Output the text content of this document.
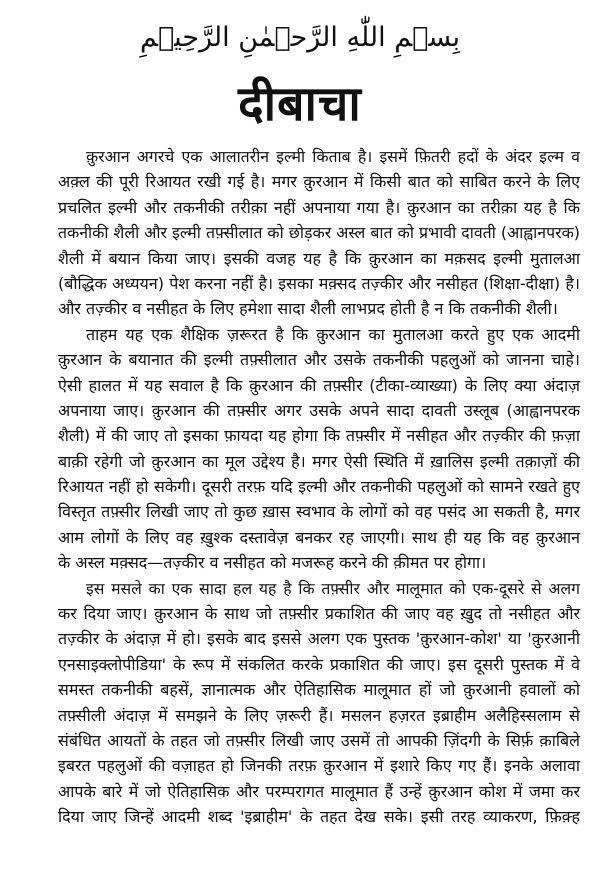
بِسۡمِ اللّٰهِ الرَّحۡمٰنِ الرَّحِيۡمِ
दीबाचा
क़ुरआन अगरचे एक आलातरीन इल्मी किताब है। इसमें फ़ितरी हदों के अंदर इल्म व
अक़्ल की पूरी रिआयत रखी गई है। मगर क़ुरआन में किसी बात को साबित करने के लिए
प्रचलित इल्मी और तकनीकी तरीक़ा नहीं अपनाया गया है। क़ुरआन का तरीक़ा यह है कि
तकनीकी शैली और इल्मी तफ़्सीलात को छोड़कर अस्ल बात को प्रभावी दावती (आह्वानपरक)
शैली में बयान किया जाए। इसकी वजह यह है कि क़ुरआन का मक़सद इल्मी मुतालआ
(बौद्धिक अध्ययन) पेश करना नहीं है। इसका मक़्सद तज़्कीर और नसीहत (शिक्षा-दीक्षा) है।
और तज़्कीर व नसीहत के लिए हमेशा सादा शैली लाभप्रद होती है न कि तकनीकी शैली।
ताहम यह एक शैक्षिक ज़रूरत है कि क़ुरआन का मुतालआ करते हुए एक आदमी
क़ुरआन के बयानात की इल्मी तफ़्सीलात और उसके तकनीकी पहलुओं को जानना चाहे।
ऐसी हालत में यह सवाल है कि क़ुरआन की तफ़्सीर (टीका-व्याख्या) के लिए क्या अंदाज़
अपनाया जाए। क़ुरआन की तफ़्सीर अगर उसके अपने सादा दावती उस्लूब (आह्वानपरक
शैली) में की जाए तो इसका फ़ायदा यह होगा कि तफ़्सीर में नसीहत और तज़्कीर की फ़ज़ा
बाक़ी रहेगी जो क़ुरआन का मूल उद्देश्य है। मगर ऐसी स्थिति में ख़ालिस इल्मी तक़ाज़ों की
रिआयत नहीं हो सकेगी। दूसरी तरफ़ यदि इल्मी और तकनीकी पहलुओं को सामने रखते हुए
विस्तृत तफ़्सीर लिखी जाए तो कुछ ख़ास स्वभाव के लोगों को वह पसंद आ सकती है, मगर
आम लोगों के लिए वह ख़ुश्क दस्तावेज़ बनकर रह जाएगी। साथ ही यह कि वह क़ुरआन
के अस्ल मक़्सद—तज़्कीर व नसीहत को मजरूह करने की क़ीमत पर होगा।
इस मसले का एक सादा हल यह है कि तफ़्सीर और मालूमात को एक-दूसरे से अलग
कर दिया जाए। क़ुरआन के साथ जो तफ़्सीर प्रकाशित की जाए वह ख़ुद तो नसीहत और
तज़्कीर के अंदाज़ में हो। इसके बाद इससे अलग एक पुस्तक 'क़ुरआन-कोश' या 'क़ुरआनी
एनसाइक्लोपीडिया' के रूप में संकलित करके प्रकाशित की जाए। इस दूसरी पुस्तक में वे
समस्त तकनीकी बहसें, ज्ञानात्मक और ऐतिहासिक मालूमात हों जो क़ुरआनी हवालों को
तफ़्सीली अंदाज़ में समझने के लिए ज़रूरी हैं। मसलन हज़रत इब्राहीम अलैहिस्सलाम से
संबंधित आयतों के तहत जो तफ़्सीर लिखी जाए उसमें तो आपकी ज़िंदगी के सिर्फ़ क़ाबिले
इबरत पहलुओं की वज़ाहत हो जिनकी तरफ़ क़ुरआन में इशारे किए गए हैं। इनके अलावा
आपके बारे में जो ऐतिहासिक और परम्परागत मालूमात हैं उन्हें क़ुरआन कोश में जमा कर
दिया जाए जिन्हें आदमी शब्द 'इब्राहीम' के तहत देख सके। इसी तरह व्याकरण, फ़िक़्ह
